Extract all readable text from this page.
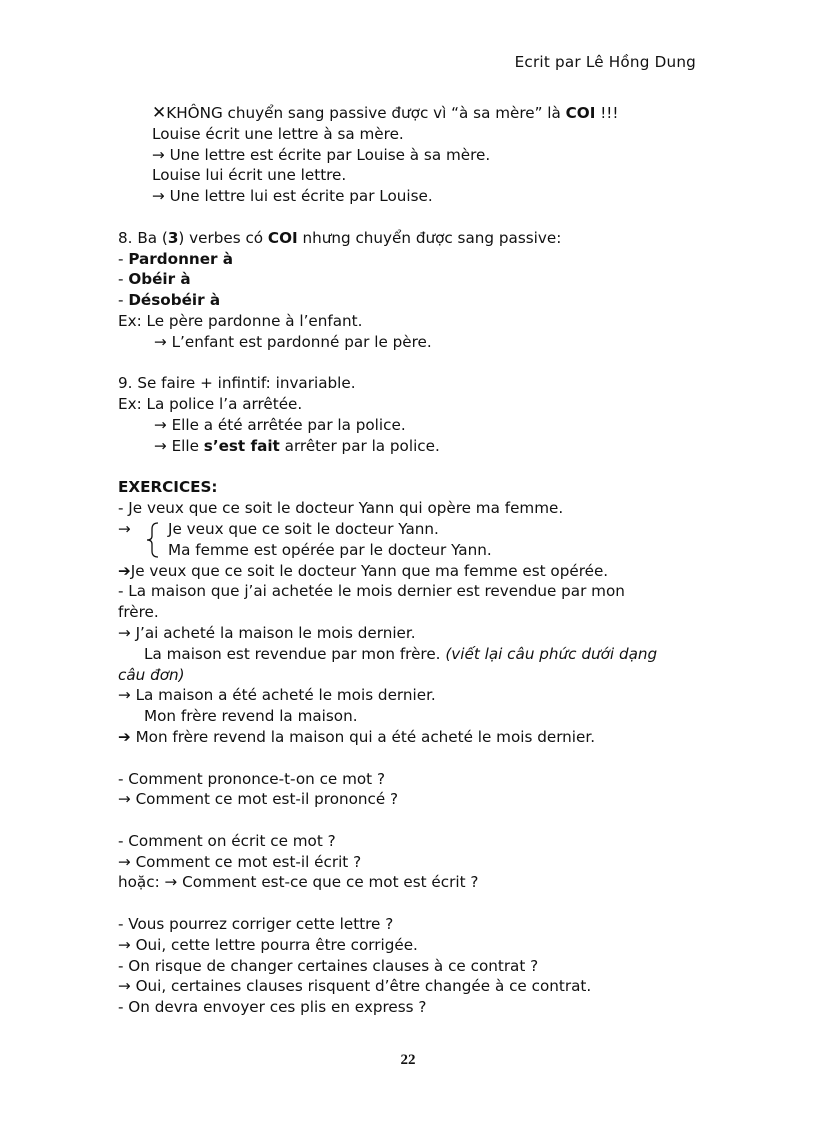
Ecrit par Lê Hồng Dung
✕KHÔNG chuyển sang passive được vì “à sa mère” là COI !!!
Louise écrit une lettre à sa mère.
→ Une lettre est écrite par Louise à sa mère.
Louise lui écrit une lettre.
→ Une lettre lui est écrite par Louise.
8. Ba (3) verbes có COI nhưng chuyển được sang passive:
- Pardonner à
- Obéir à
- Désobéir à
Ex: Le père pardonne à l’enfant.
→ L’enfant est pardonné par le père.
9. Se faire + infintif: invariable.
Ex: La police l’a arrêtée.
→ Elle a été arrêtée par la police.
→ Elle s’est fait arrêter par la police.
EXERCICES:
- Je veux que ce soit le docteur Yann qui opère ma femme.
→ Je veux que ce soit le docteur Yann.
Ma femme est opérée par le docteur Yann.
➔Je veux que ce soit le docteur Yann que ma femme est opérée.
- La maison que j’ai achetée le mois dernier est revendue par mon
frère.
→ J’ai acheté la maison le mois dernier.
La maison est revendue par mon frère. (viết lại câu phức dưới dạng
câu đơn)
→ La maison a été acheté le mois dernier.
Mon frère revend la maison.
➔ Mon frère revend la maison qui a été acheté le mois dernier.
- Comment prononce-t-on ce mot ?
→ Comment ce mot est-il prononcé ?
- Comment on écrit ce mot ?
→ Comment ce mot est-il écrit ?
hoặc: → Comment est-ce que ce mot est écrit ?
- Vous pourrez corriger cette lettre ?
→ Oui, cette lettre pourra être corrigée.
- On risque de changer certaines clauses à ce contrat ?
→ Oui, certaines clauses risquent d’être changée à ce contrat.
- On devra envoyer ces plis en express ?
22
